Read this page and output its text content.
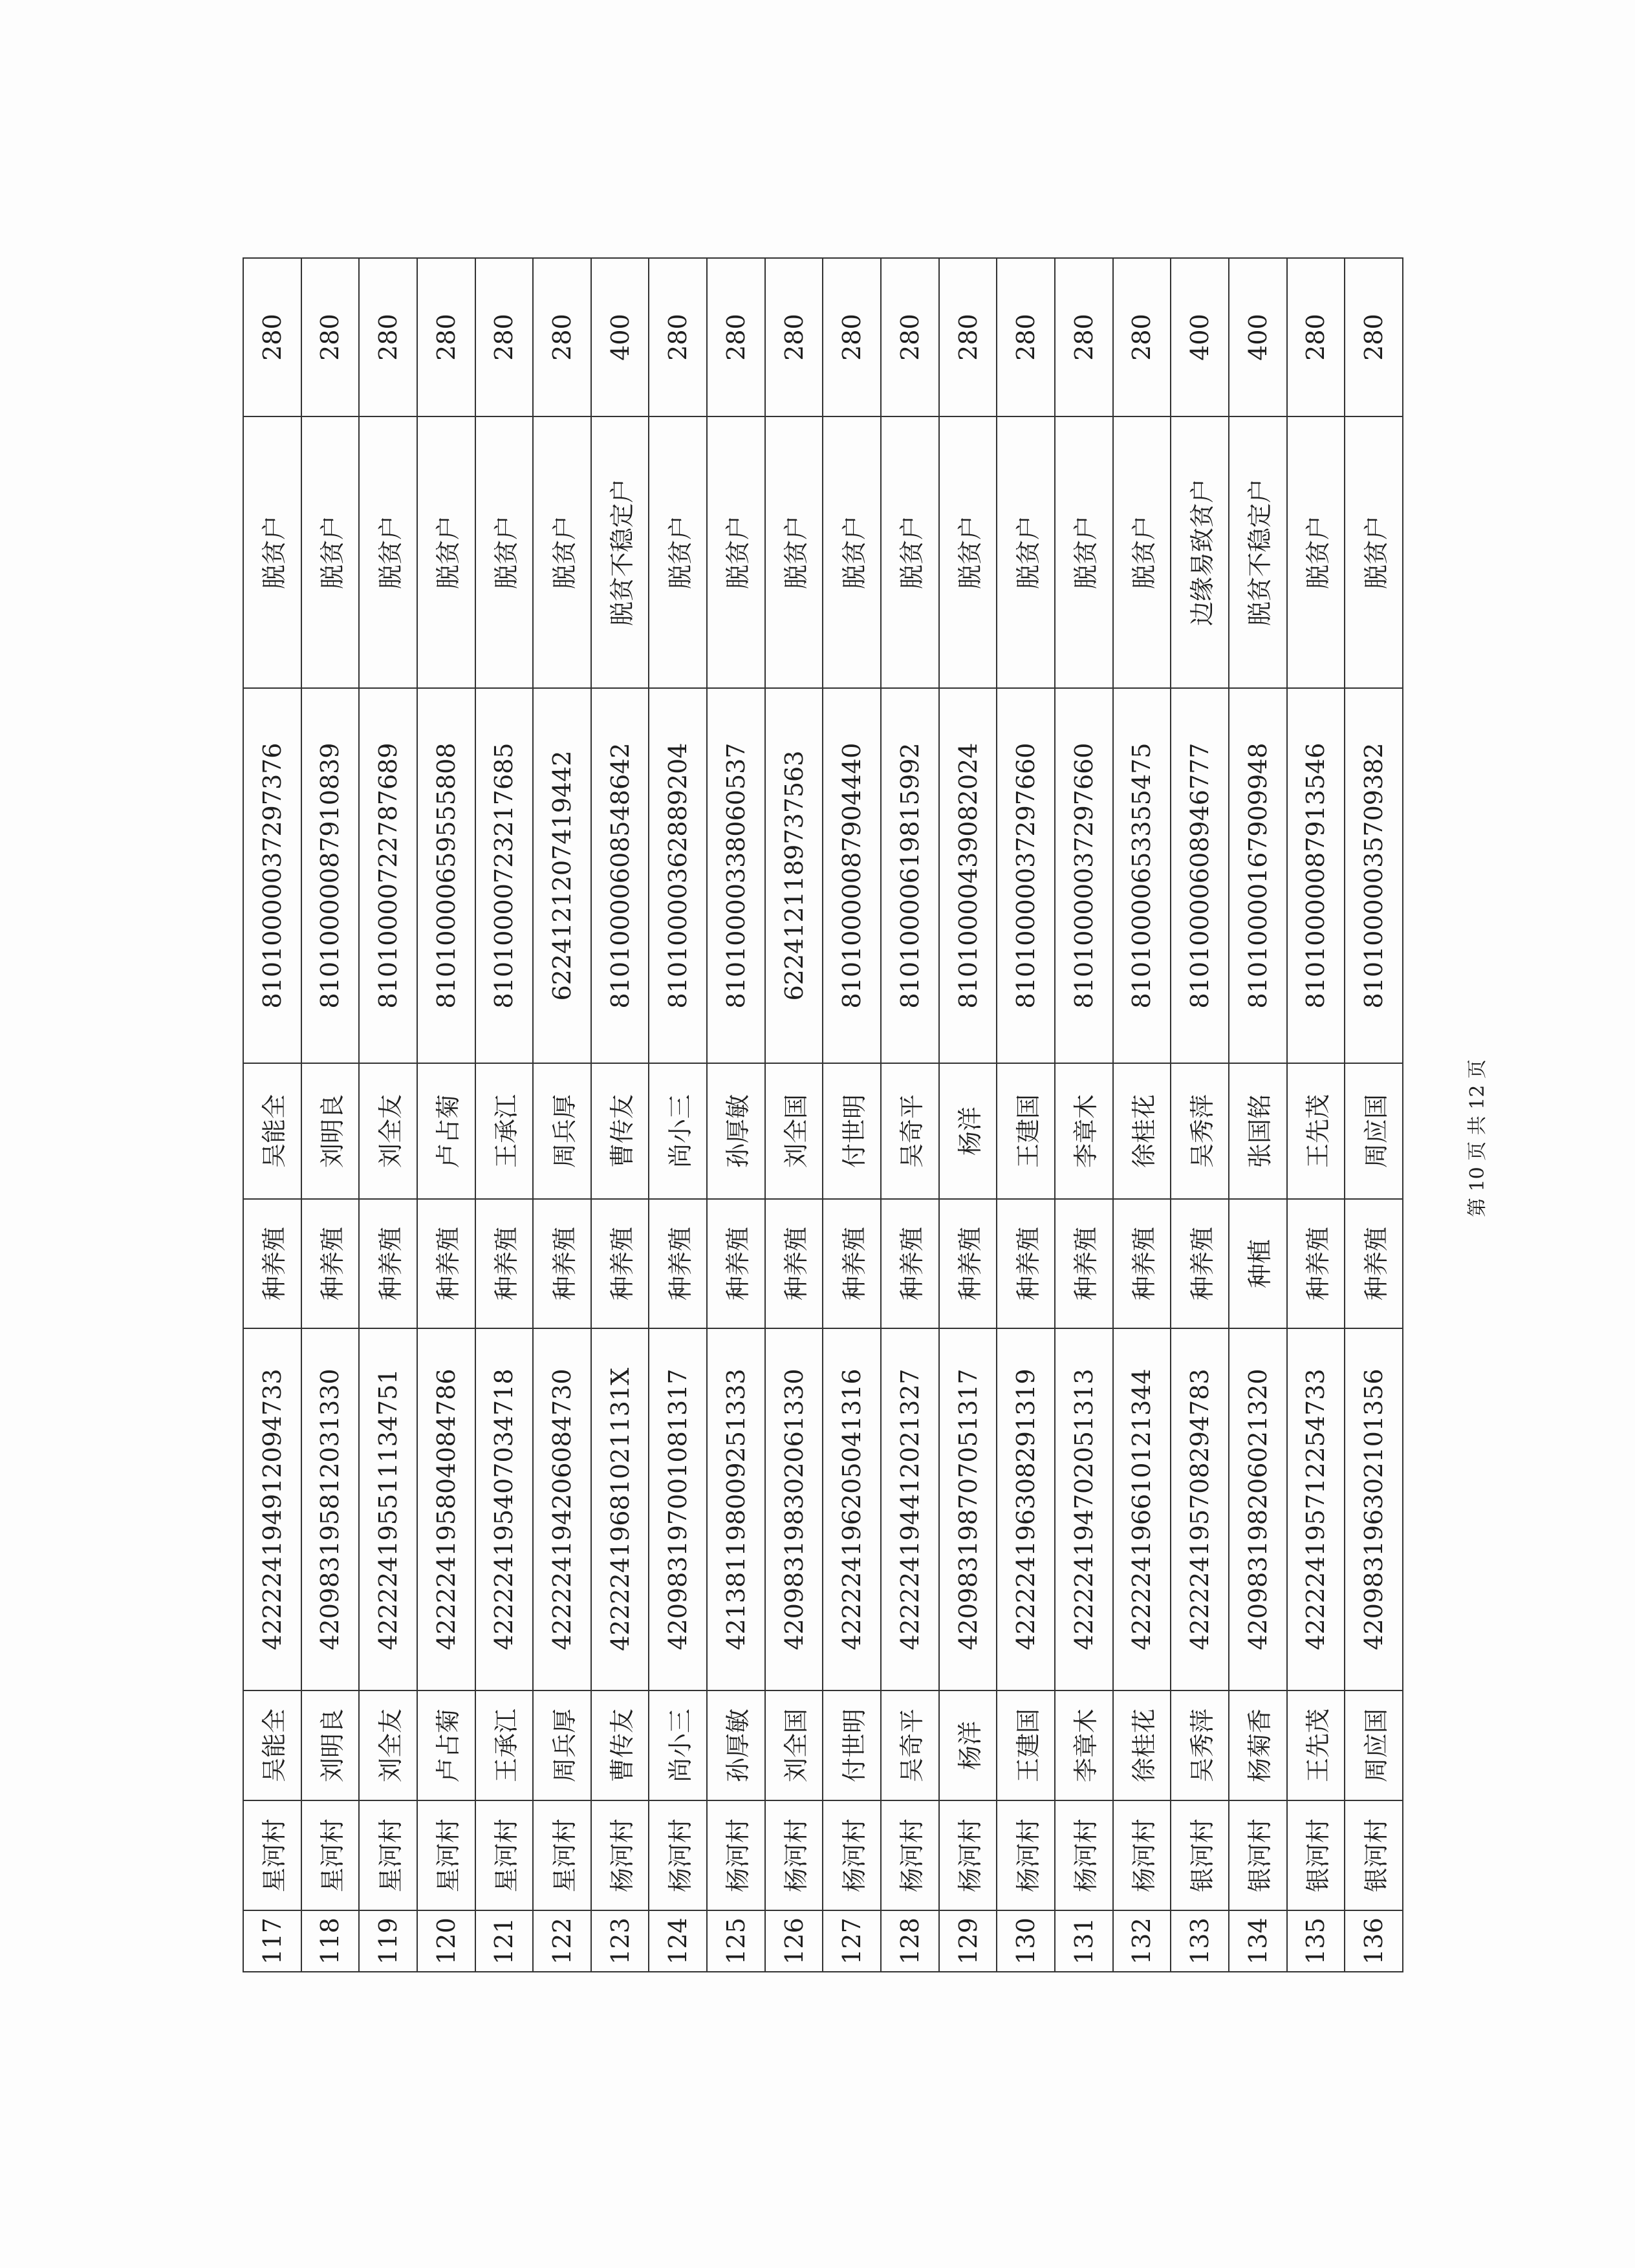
117	星河村	吴能全	422224194912094733	种养殖	吴能全	81010000037297376	脱贫户	280
118	星河村	刘明良	420983195812031330	种养殖	刘明良	81010000087910839	脱贫户	280
119	星河村	刘全友	422224195511134751	种养殖	刘全友	81010000722787689	脱贫户	280
120	星河村	卢占菊	422224195804084786	种养殖	卢占菊	81010000659555808	脱贫户	280
121	星河村	王承江	422224195407034718	种养殖	王承江	81010000723217685	脱贫户	280
122	星河村	周兵厚	422224194206084730	种养殖	周兵厚	6224121207419442	脱贫户	280
123	杨河村	曹传友	42222419681021131X	种养殖	曹传友	81010000608548642	脱贫不稳定户	400
124	杨河村	尚小三	420983197001081317	种养殖	尚小三	81010000362889204	脱贫户	280
125	杨河村	孙厚敏	421381198009251333	种养殖	孙厚敏	81010000338060537	脱贫户	280
126	杨河村	刘全国	420983198302061330	种养殖	刘全国	6224121189737563	脱贫户	280
127	杨河村	付世明	422224196205041316	种养殖	付世明	81010000087904440	脱贫户	280
128	杨河村	吴奇平	422224194412021327	种养殖	吴奇平	81010000619815992	脱贫户	280
129	杨河村	杨洋	420983198707051317	种养殖	杨洋	81010000439082024	脱贫户	280
130	杨河村	王建国	422224196308291319	种养殖	王建国	81010000037297660	脱贫户	280
131	杨河村	李章木	422224194702051313	种养殖	李章木	81010000037297660	脱贫户	280
132	杨河村	徐桂花	422224196610121344	种养殖	徐桂花	81010000653355475	脱贫户	280
133	银河村	吴秀萍	422224195708294783	种养殖	吴秀萍	81010000608946777	边缘易致贫户	400
134	银河村	杨菊香	420983198206021320	种植	张国铭	81010000167909948	脱贫不稳定户	400
135	银河村	王先茂	422224195712254733	种养殖	王先茂	81010000087913546	脱贫户	280
136	银河村	周应国	420983196302101356	种养殖	周应国	81010000035709382	脱贫户	280
第 10 页 共 12 页
